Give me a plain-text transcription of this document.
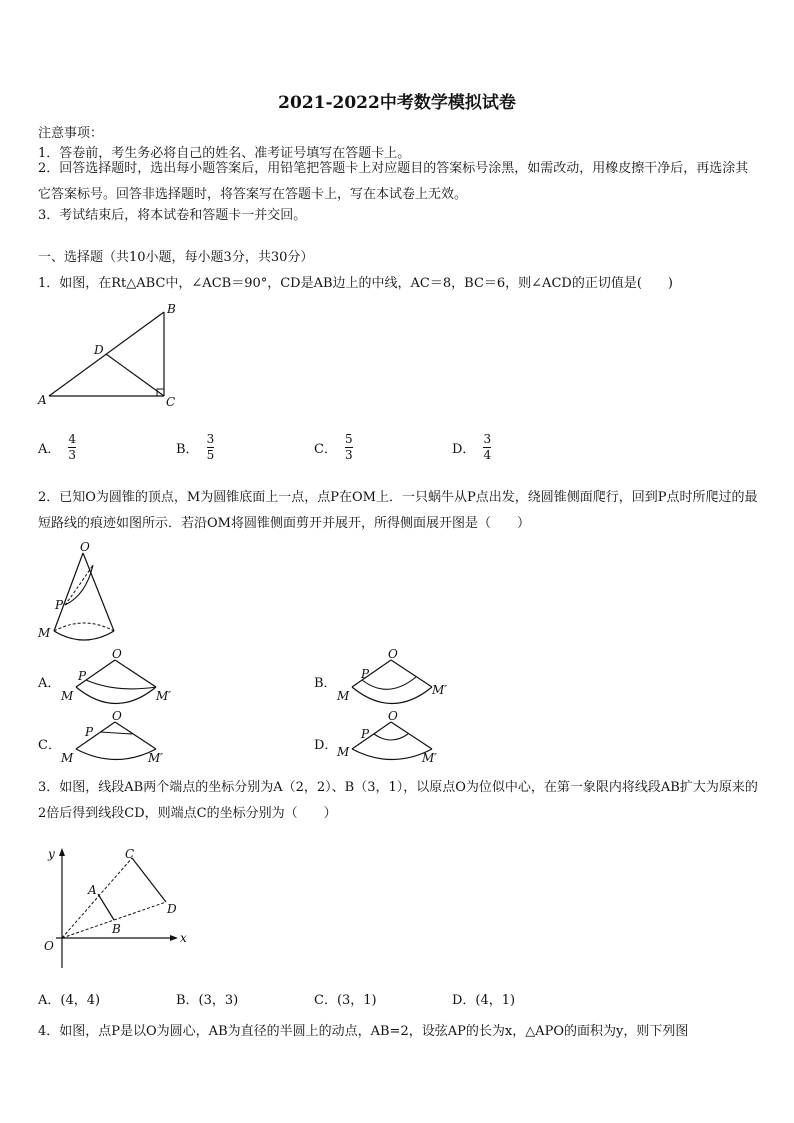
2021-2022中考数学模拟试卷
注意事项：
1．答卷前，考生务必将自己的姓名、准考证号填写在答题卡上。
2．回答选择题时，选出每小题答案后，用铅笔把答题卡上对应题目的答案标号涂黑，如需改动，用橡皮擦干净后，再选涂其它答案标号。回答非选择题时，将答案写在答题卡上，写在本试卷上无效。
3．考试结束后，将本试卷和答题卡一并交回。
一、选择题（共10小题，每小题3分，共30分）
1．如图，在Rt△ABC中，∠ACB＝90°，CD是AB边上的中线，AC＝8，BC＝6，则∠ACD的正切值是(　　)
A
B
C
D
A． $\frac{4}{3}$	B． $\frac{3}{5}$	C． $\frac{5}{3}$	D． $\frac{3}{4}$
2．已知O为圆锥的顶点，M为圆锥底面上一点，点P在OM上．一只蜗牛从P点出发，绕圆锥侧面爬行，回到P点时所爬过的最短路线的痕迹如图所示．若沿OM将圆锥侧面剪开并展开，所得侧面展开图是（　　）
O
P
M
A．
O
P
M	M′
B．
O
P
M	M′
C．
O
P
M	M′
D．
O
P
M	M′
3．如图，线段AB两个端点的坐标分别为A（2，2）、B（3，1），以原点O为位似中心，在第一象限内将线段AB扩大为原来的2倍后得到线段CD，则端点C的坐标分别为（　　）
y
x
O
A
B
C
D
A．(4，4)	B．(3，3)	C．(3，1)	D．(4，1)
4．如图，点P是以O为圆心，AB为直径的半圆上的动点，AB=2，设弦AP的长为x，△APO的面积为y，则下列图
